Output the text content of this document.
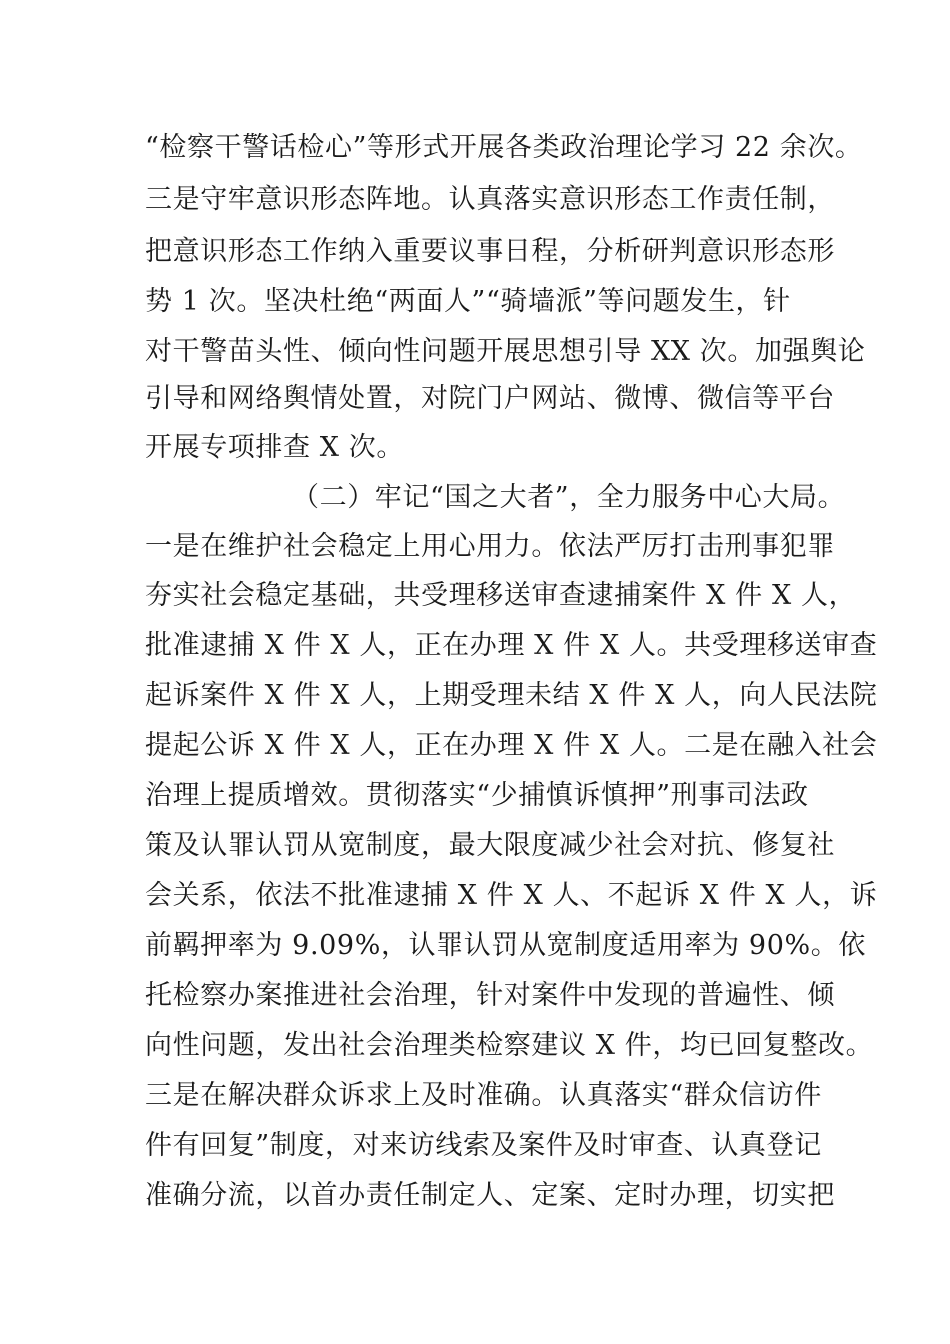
“检察干警话检心”等形式开展各类政治理论学习 22 余次。
三是守牢意识形态阵地。认真落实意识形态工作责任制，
把意识形态工作纳入重要议事日程，分析研判意识形态形
势 1 次。坚决杜绝“两面人”“骑墙派”等问题发生，针
对干警苗头性、倾向性问题开展思想引导 XX 次。加强舆论
引导和网络舆情处置，对院门户网站、微博、微信等平台
开展专项排查 X 次。
（二）牢记“国之大者”，全力服务中心大局。
一是在维护社会稳定上用心用力。依法严厉打击刑事犯罪
夯实社会稳定基础，共受理移送审查逮捕案件 X 件 X 人，
批准逮捕 X 件 X 人，正在办理 X 件 X 人。共受理移送审查
起诉案件 X 件 X 人，上期受理未结 X 件 X 人，向人民法院
提起公诉 X 件 X 人，正在办理 X 件 X 人。二是在融入社会
治理上提质增效。贯彻落实“少捕慎诉慎押”刑事司法政
策及认罪认罚从宽制度，最大限度减少社会对抗、修复社
会关系，依法不批准逮捕 X 件 X 人、不起诉 X 件 X 人，诉
前羁押率为 9.09%，认罪认罚从宽制度适用率为 90%。依
托检察办案推进社会治理，针对案件中发现的普遍性、倾
向性问题，发出社会治理类检察建议 X 件，均已回复整改。
三是在解决群众诉求上及时准确。认真落实“群众信访件
件有回复”制度，对来访线索及案件及时审查、认真登记
准确分流，以首办责任制定人、定案、定时办理，切实把
